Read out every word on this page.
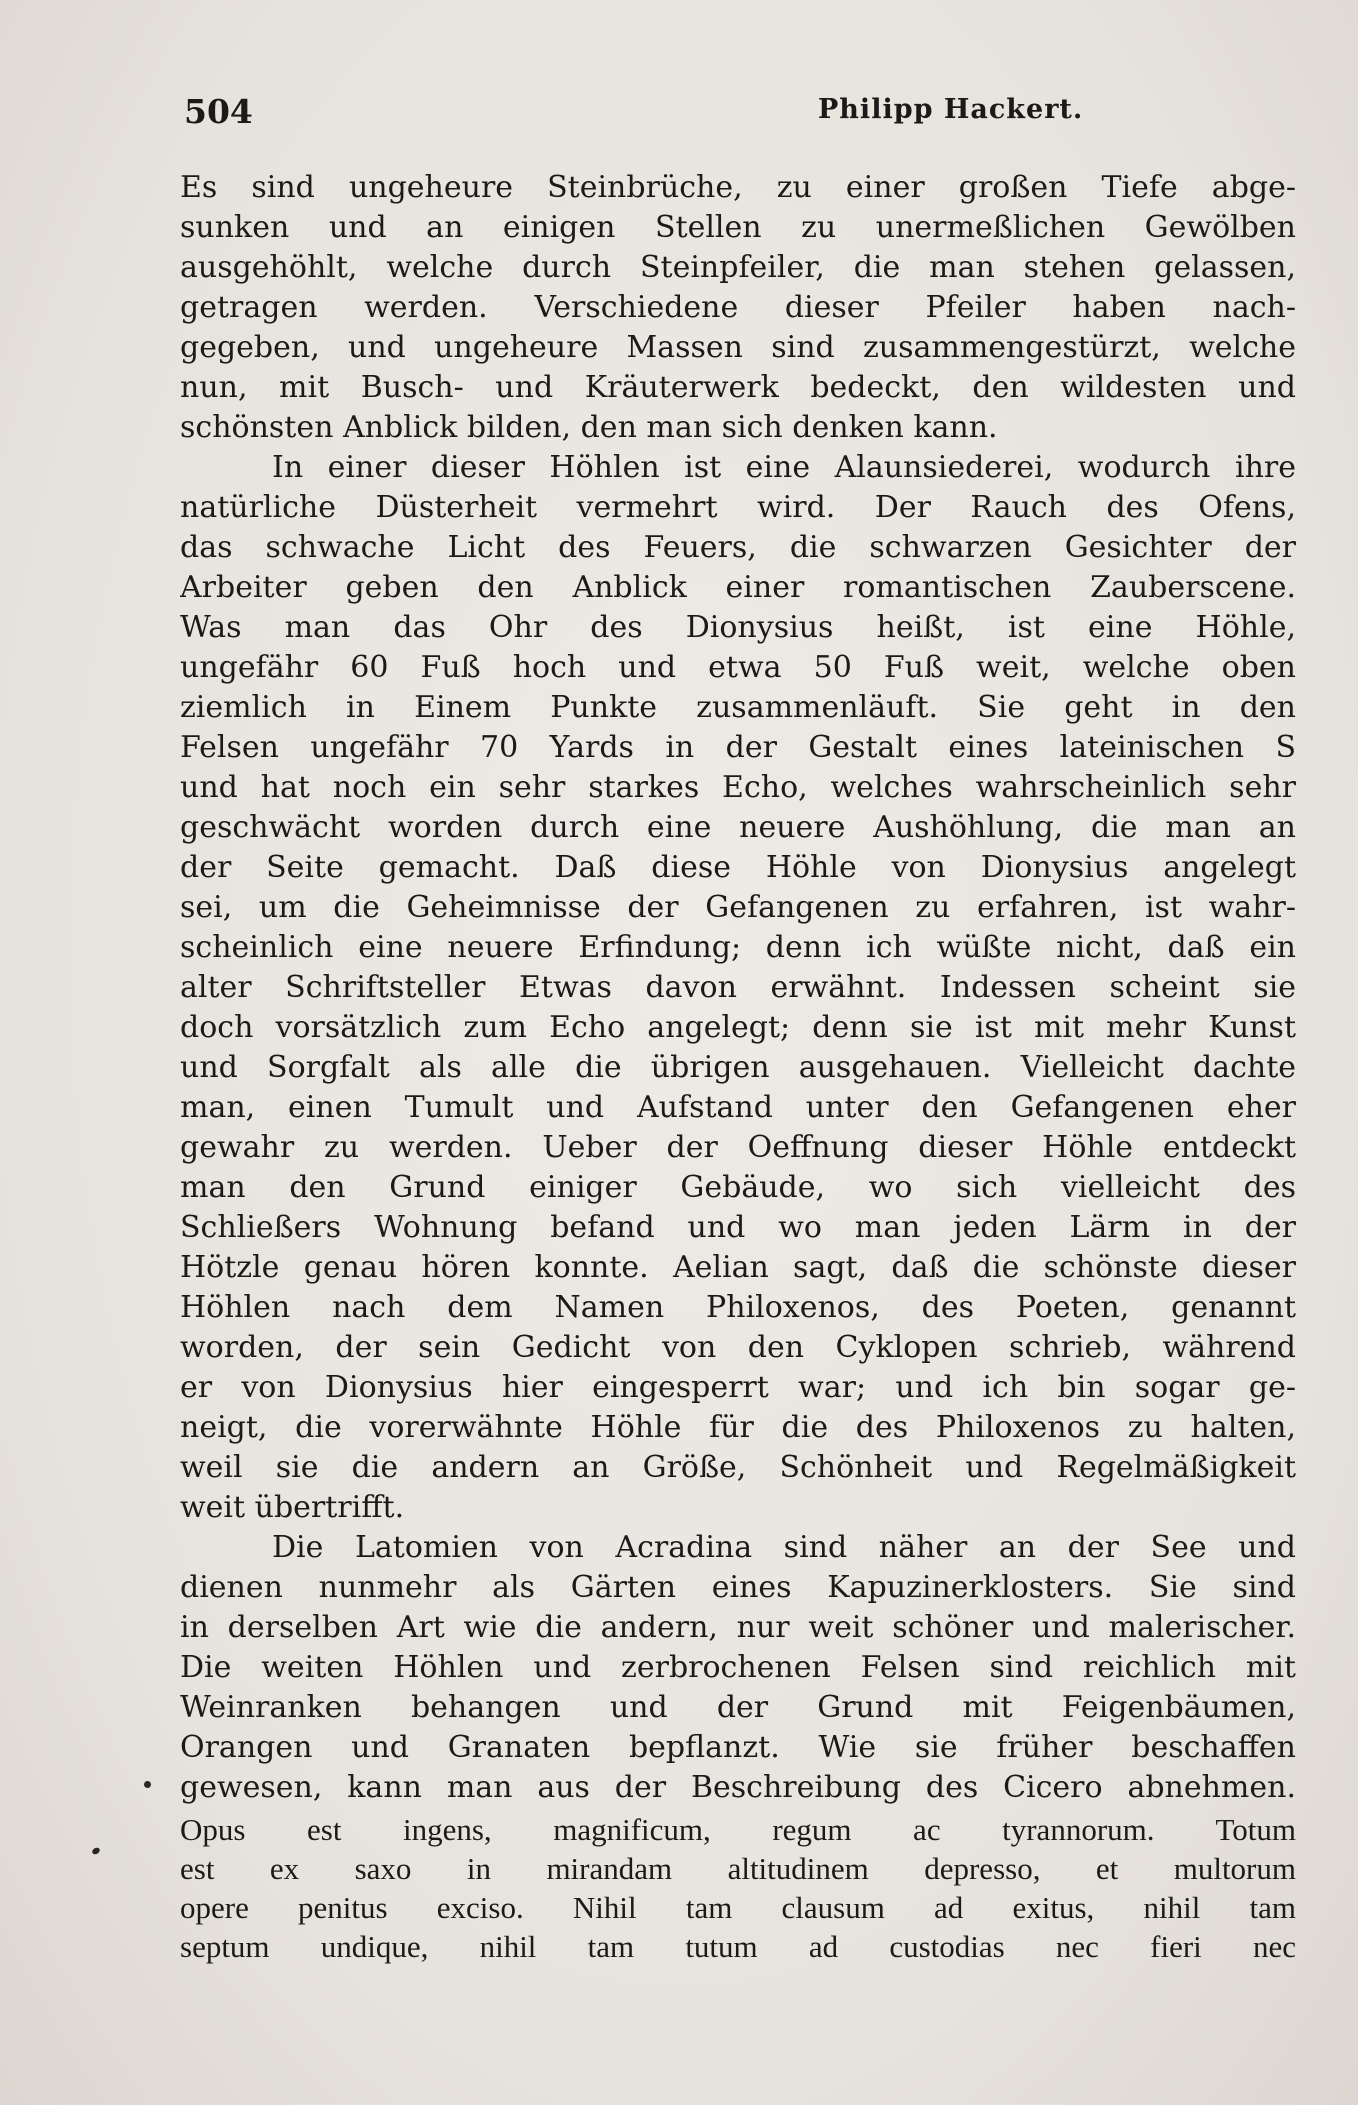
504	Philipp Hackert.
Es sind ungeheure Steinbrüche, zu einer großen Tiefe abge-
sunken und an einigen Stellen zu unermeßlichen Gewölben
ausgehöhlt, welche durch Steinpfeiler, die man stehen gelassen,
getragen werden. Verschiedene dieser Pfeiler haben nach-
gegeben, und ungeheure Massen sind zusammengestürzt, welche
nun, mit Busch- und Kräuterwerk bedeckt, den wildesten und
schönsten Anblick bilden, den man sich denken kann.
In einer dieser Höhlen ist eine Alaunsiederei, wodurch ihre
natürliche Düsterheit vermehrt wird. Der Rauch des Ofens,
das schwache Licht des Feuers, die schwarzen Gesichter der
Arbeiter geben den Anblick einer romantischen Zauberscene.
Was man das Ohr des Dionysius heißt, ist eine Höhle,
ungefähr 60 Fuß hoch und etwa 50 Fuß weit, welche oben
ziemlich in Einem Punkte zusammenläuft. Sie geht in den
Felsen ungefähr 70 Yards in der Gestalt eines lateinischen S
und hat noch ein sehr starkes Echo, welches wahrscheinlich sehr
geschwächt worden durch eine neuere Aushöhlung, die man an
der Seite gemacht. Daß diese Höhle von Dionysius angelegt
sei, um die Geheimnisse der Gefangenen zu erfahren, ist wahr-
scheinlich eine neuere Erfindung; denn ich wüßte nicht, daß ein
alter Schriftsteller Etwas davon erwähnt. Indessen scheint sie
doch vorsätzlich zum Echo angelegt; denn sie ist mit mehr Kunst
und Sorgfalt als alle die übrigen ausgehauen. Vielleicht dachte
man, einen Tumult und Aufstand unter den Gefangenen eher
gewahr zu werden. Ueber der Oeffnung dieser Höhle entdeckt
man den Grund einiger Gebäude, wo sich vielleicht des
Schließers Wohnung befand und wo man jeden Lärm in der
Hötzle genau hören konnte. Aelian sagt, daß die schönste dieser
Höhlen nach dem Namen Philoxenos, des Poeten, genannt
worden, der sein Gedicht von den Cyklopen schrieb, während
er von Dionysius hier eingesperrt war; und ich bin sogar ge-
neigt, die vorerwähnte Höhle für die des Philoxenos zu halten,
weil sie die andern an Größe, Schönheit und Regelmäßigkeit
weit übertrifft.
Die Latomien von Acradina sind näher an der See und
dienen nunmehr als Gärten eines Kapuzinerklosters. Sie sind
in derselben Art wie die andern, nur weit schöner und malerischer.
Die weiten Höhlen und zerbrochenen Felsen sind reichlich mit
Weinranken behangen und der Grund mit Feigenbäumen,
Orangen und Granaten bepflanzt. Wie sie früher beschaffen
gewesen, kann man aus der Beschreibung des Cicero abnehmen.
Opus est ingens, magnificum, regum ac tyrannorum. Totum
est ex saxo in mirandam altitudinem depresso, et multorum
opere penitus exciso. Nihil tam clausum ad exitus, nihil tam
septum undique, nihil tam tutum ad custodias nec fieri nec
